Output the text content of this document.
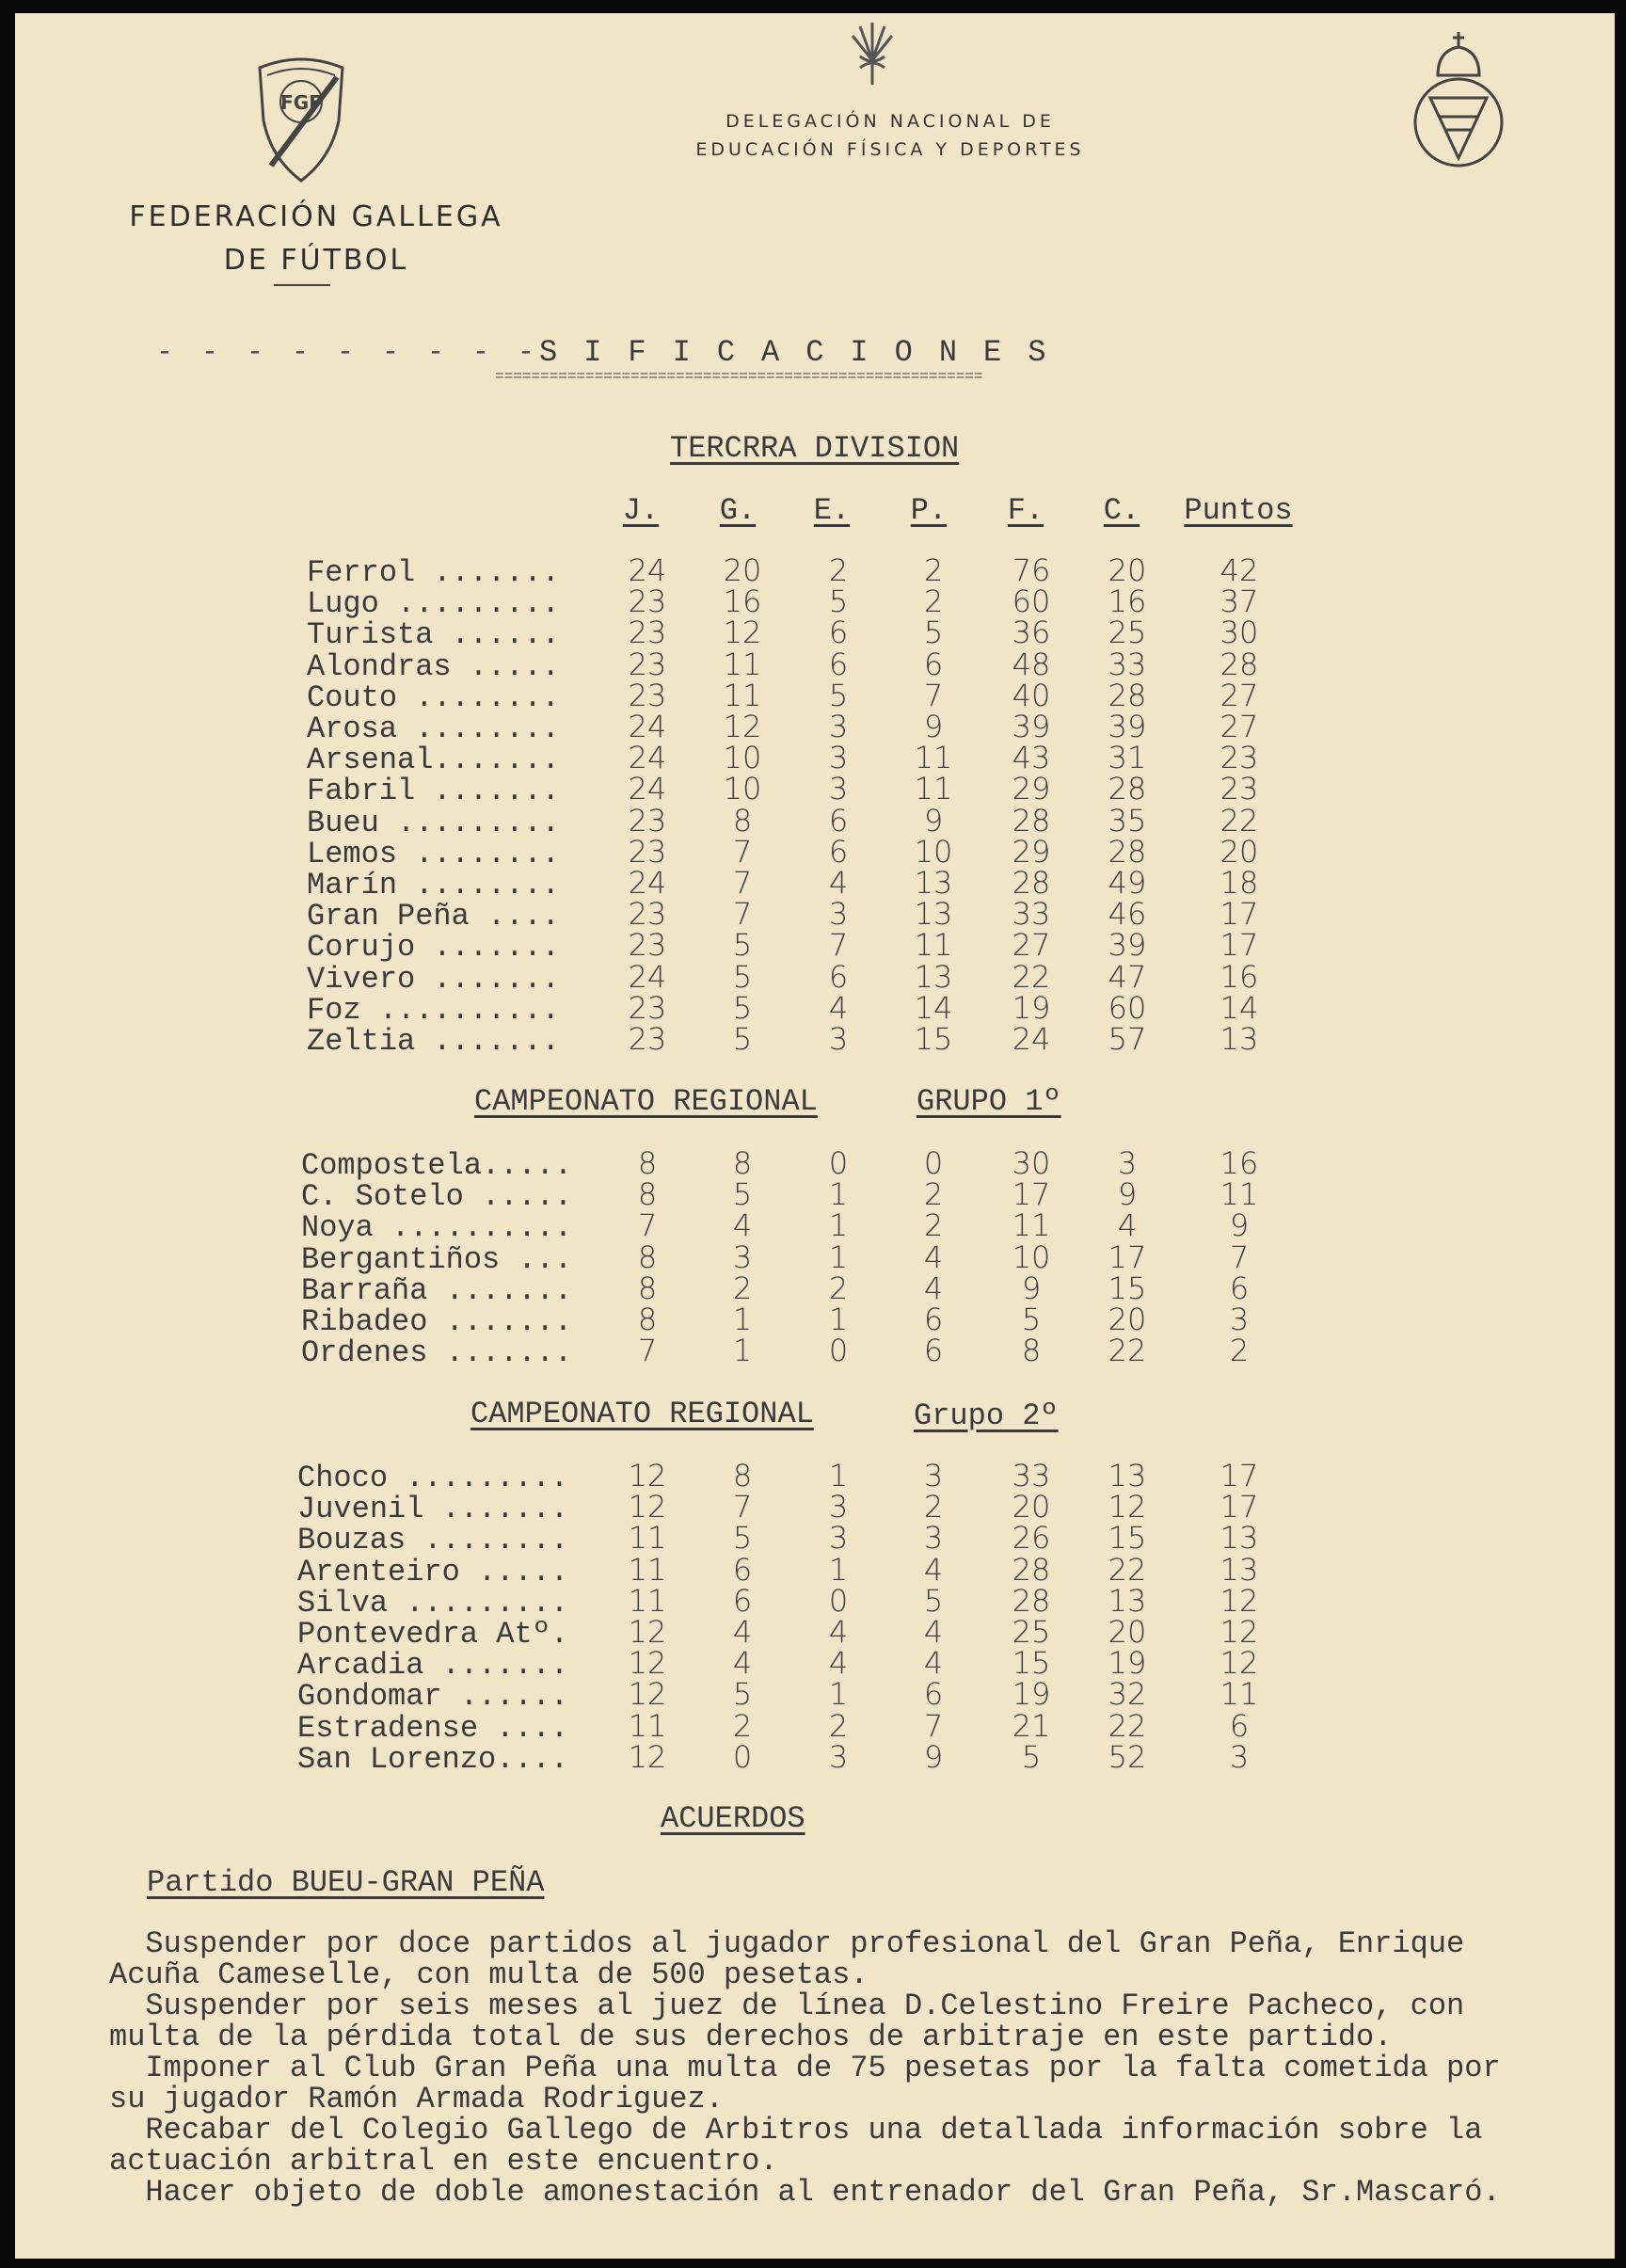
FGF
FEDERACIÓN GALLEGA
DE FÚTBOL
DELEGACIÓN NACIONAL DE
EDUCACIÓN FÍSICA Y DEPORTES
- - - - - - - - -
SIFICACIONES
======================================================
TERCRRA DIVISION
J.	G.	E.	P.	F.	C.	Puntos
Ferrol .......	24	20	2	2	76	20	42
Lugo .........	23	16	5	2	60	16	37
Turista ......	23	12	6	5	36	25	30
Alondras .....	23	11	6	6	48	33	28
Couto ........	23	11	5	7	40	28	27
Arosa ........	24	12	3	9	39	39	27
Arsenal.......	24	10	3	11	43	31	23
Fabril .......	24	10	3	11	29	28	23
Bueu .........	23	8	6	9	28	35	22
Lemos ........	23	7	6	10	29	28	20
Marín ........	24	7	4	13	28	49	18
Gran Peña ....	23	7	3	13	33	46	17
Corujo .......	23	5	7	11	27	39	17
Vivero .......	24	5	6	13	22	47	16
Foz ..........	23	5	4	14	19	60	14
Zeltia .......	23	5	3	15	24	57	13
CAMPEONATO REGIONAL	GRUPO 1º
Compostela.....	8	8	0	0	30	3	16
C. Sotelo .....	8	5	1	2	17	9	11
Noya ..........	7	4	1	2	11	4	9
Bergantiños ...	8	3	1	4	10	17	7
Barraña .......	8	2	2	4	9	15	6
Ribadeo .......	8	1	1	6	5	20	3
Ordenes .......	7	1	0	6	8	22	2
CAMPEONATO REGIONAL	Grupo 2º
Choco .........	12	8	1	3	33	13	17
Juvenil .......	12	7	3	2	20	12	17
Bouzas ........	11	5	3	3	26	15	13
Arenteiro .....	11	6	1	4	28	22	13
Silva .........	11	6	0	5	28	13	12
Pontevedra Atº.	12	4	4	4	25	20	12
Arcadia .......	12	4	4	4	15	19	12
Gondomar ......	12	5	1	6	19	32	11
Estradense ....	11	2	2	7	21	22	6
San Lorenzo....	12	0	3	9	5	52	3
ACUERDOS
Partido BUEU-GRAN PEÑA
Suspender por doce partidos al jugador profesional del Gran Peña, Enrique
Acuña Cameselle, con multa de 500 pesetas.
Suspender por seis meses al juez de línea D.Celestino Freire Pacheco, con
multa de la pérdida total de sus derechos de arbitraje en este partido.
Imponer al Club Gran Peña una multa de 75 pesetas por la falta cometida por
su jugador Ramón Armada Rodriguez.
Recabar del Colegio Gallego de Arbitros una detallada información sobre la
actuación arbitral en este encuentro.
Hacer objeto de doble amonestación al entrenador del Gran Peña, Sr.Mascaró.
